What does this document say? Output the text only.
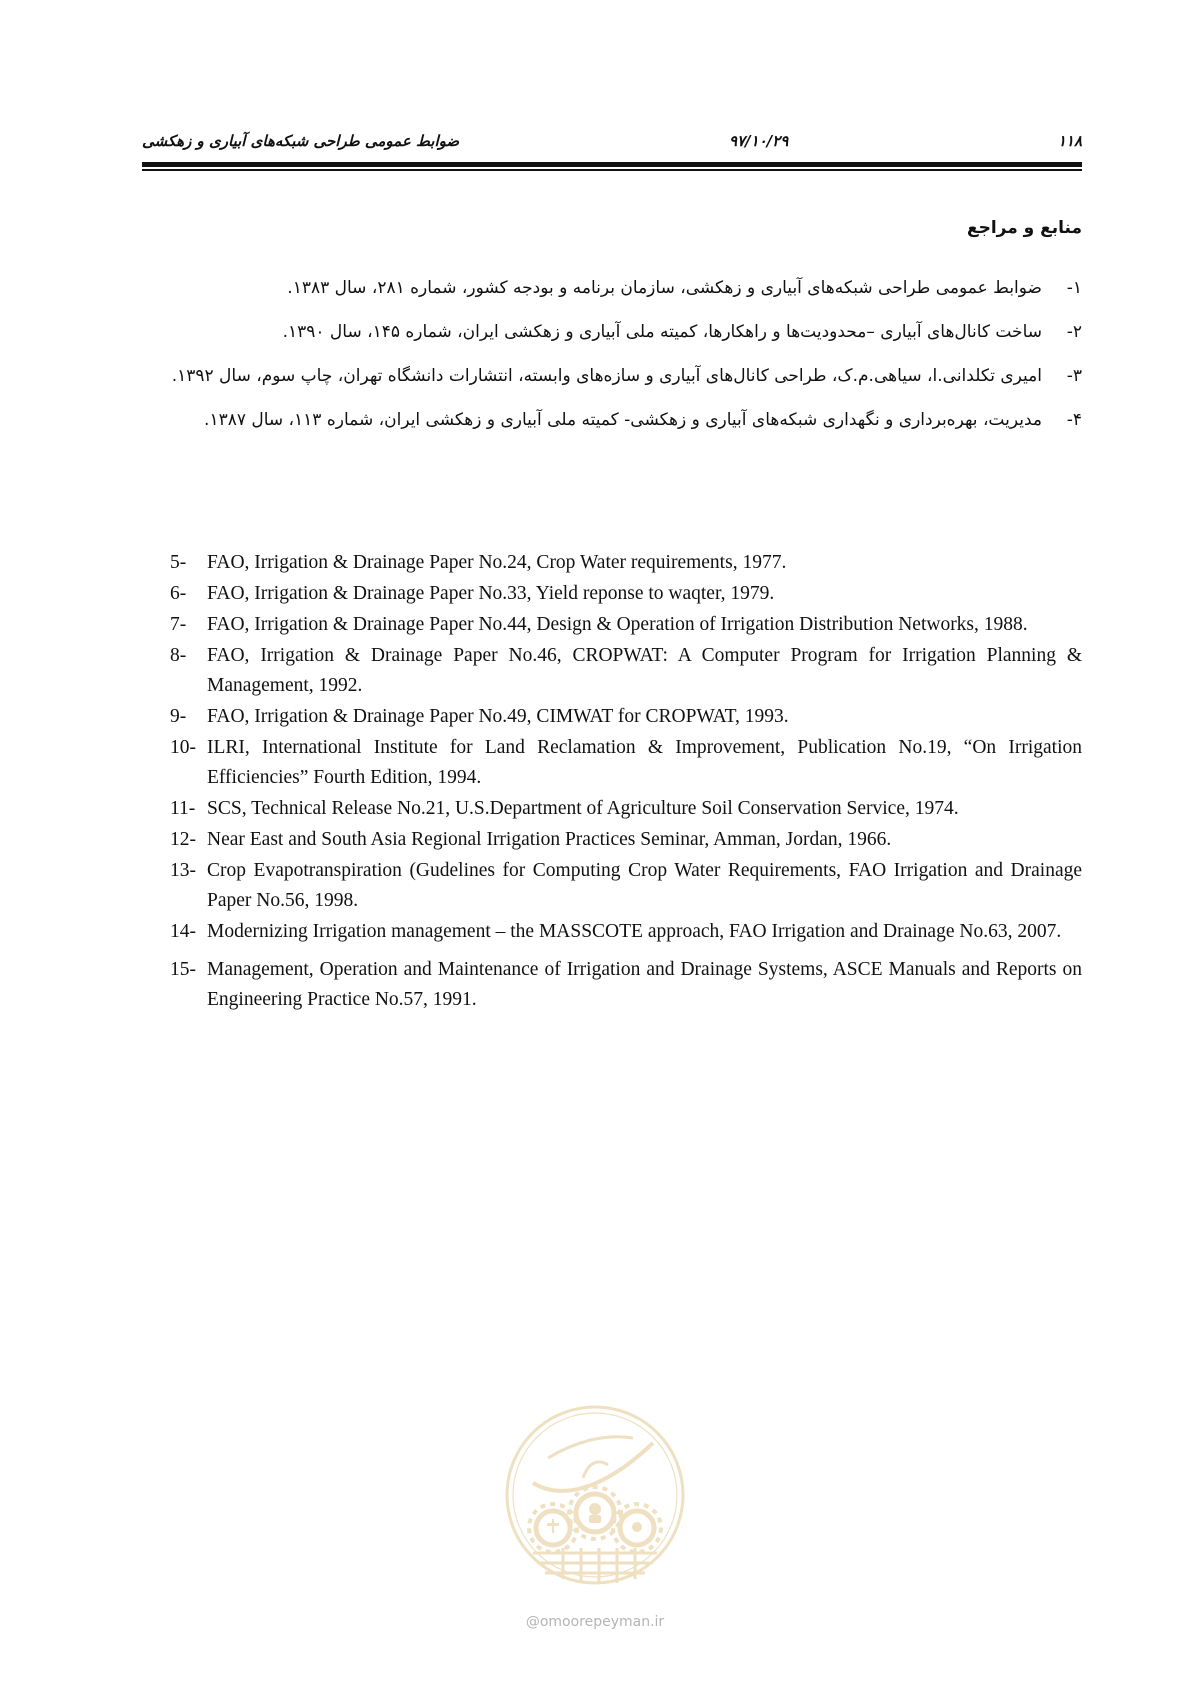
ضوابط عمومی طراحی شبکه‌های آبیاری و زهکشی	۹۷/۱۰/۲۹	۱۱۸
منابع و مراجع
۱-
ضوابط عمومی طراحی شبکه‌های آبیاری و زهکشی، سازمان برنامه و بودجه کشور، شماره ۲۸۱، سال ۱۳۸۳.
۲-
ساخت کانال‌های آبیاری –محدودیت‌ها و راهکارها، کمیته ملی آبیاری و زهکشی ایران، شماره ۱۴۵، سال ۱۳۹۰.
۳-
امیری تکلدانی.ا، سیاهی.م.ک، طراحی کانال‌های آبیاری و سازه‌های وابسته، انتشارات دانشگاه تهران، چاپ سوم، سال ۱۳۹۲.
۴-
مدیریت، بهره‌برداری و نگهداری شبکه‌های آبیاری و زهکشی- کمیته ملی آبیاری و زهکشی ایران، شماره ۱۱۳، سال ۱۳۸۷.
5- FAO, Irrigation & Drainage Paper No.24, Crop Water requirements, 1977.
6- FAO, Irrigation & Drainage Paper No.33, Yield reponse to waqter, 1979.
7- FAO, Irrigation & Drainage Paper No.44, Design & Operation of Irrigation Distribution Networks, 1988.
8- FAO, Irrigation & Drainage Paper No.46, CROPWAT: A Computer Program for Irrigation Planning & Management, 1992.
9- FAO, Irrigation & Drainage Paper No.49, CIMWAT for CROPWAT, 1993.
10- ILRI, International Institute for Land Reclamation & Improvement, Publication No.19, “On Irrigation Efficiencies” Fourth Edition, 1994.
11- SCS, Technical Release No.21, U.S.Department of Agriculture Soil Conservation Service, 1974.
12- Near East and South Asia Regional Irrigation Practices Seminar, Amman, Jordan, 1966.
13- Crop Evapotranspiration (Gudelines for Computing Crop Water Requirements, FAO Irrigation and Drainage Paper No.56, 1998.
14- Modernizing Irrigation management – the MASSCOTE approach, FAO Irrigation and Drainage No.63, 2007.
15- Management, Operation and Maintenance of Irrigation and Drainage Systems, ASCE Manuals and Reports on Engineering Practice No.57, 1991.
@omoorepeyman.ir
